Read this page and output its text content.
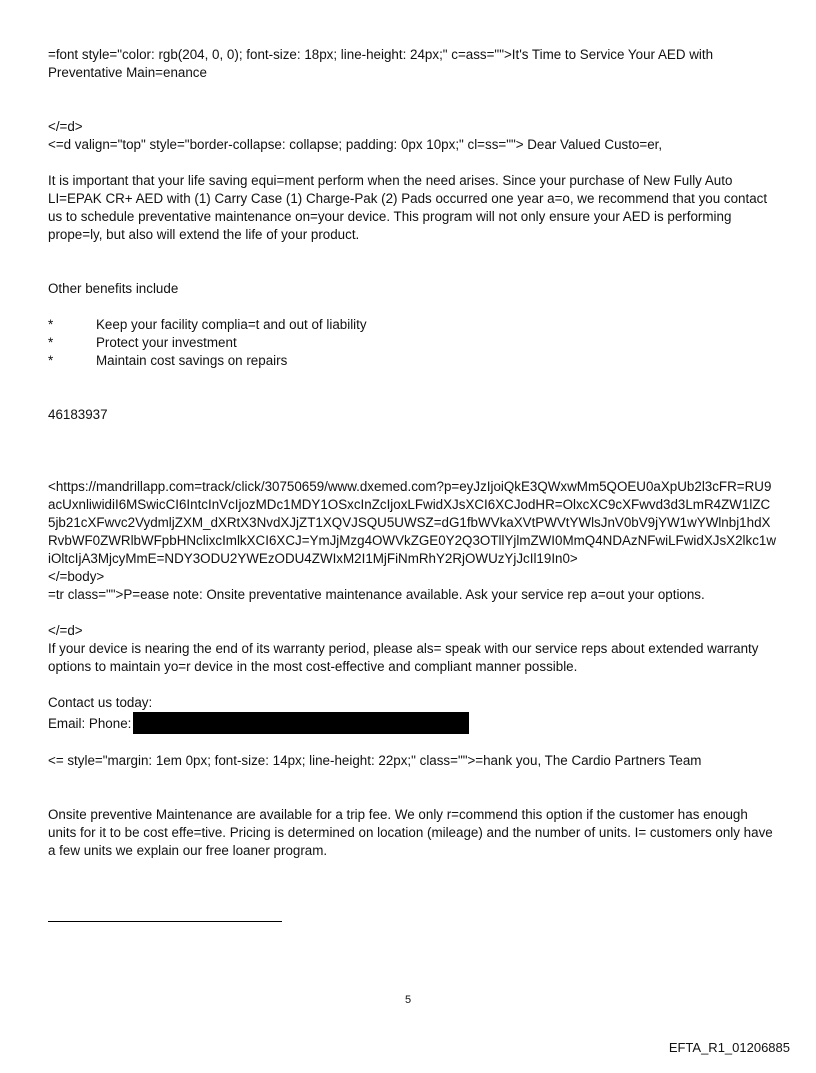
=font style="color: rgb(204, 0, 0); font-size: 18px; line-height: 24px;" c=ass="">It's Time to Service Your AED with Preventative Main=enance

</=d>

<=d valign="top" style="border-collapse: collapse; padding: 0px 10px;" cl=ss=""> Dear Valued Custo=er,

It is important that your life saving equi=ment perform when the need arises. Since your purchase of New Fully Auto LI=EPAK CR+ AED with (1) Carry Case (1) Charge-Pak (2) Pads occurred one year a=o, we recommend that you contact us to schedule preventative maintenance on=your device. This program will not only ensure your AED is performing prope=ly, but also will extend the life of your product.

Other benefits include

*	Keep your facility complia=t and out of liability
*	Protect your investment
*	Maintain cost savings on repairs

46183937

<https://mandrillapp.com=track/click/30750659/www.dxemed.com?p=eyJzIjoiQkE3QWxwMm5QOEU0aXpUb2l3cFR=RU9acUxnliwidiI6MSwicCI6IntcInVcIjozMDc1MDY1OSxcInZcIjoxLFwidXJsXCI6XCJodHR=OlxcXC9cXFwvd3d3LmR4ZW1lZC5jb21cXFwvc2VydmljZXM_dXRtX3NvdXJjZT1XQVJSQU5UWSZ=dG1fbWVkaXVtPWVtYWlsJnV0bV9jYW1wYWlnbj1hdXRvbWF0ZWRlbWFpbHNclixcImlkXCI6XCJ=YmJjMzg4OWVkZGE0Y2Q3OTllYjlmZWI0MmQ4NDAzNFwiLFwidXJsX2lkc1wiOltcIjA3MjcyMmE=NDY3ODU2YWEzODU4ZWIxM2I1MjFiNmRhY2RjOWUzYjJcIl19In0>

</=body>

=tr class="">P=ease note: Onsite preventative maintenance available. Ask your service rep a=out your options.

</=d>

If your device is nearing the end of its warranty period, please als= speak with our service reps about extended warranty options to maintain yo=r device in the most cost-effective and compliant manner possible.

Contact us today:

Email: Phone:

<= style="margin: 1em 0px; font-size: 14px; line-height: 22px;" class="">=hank you, The Cardio Partners Team

Onsite preventive Maintenance are available for a trip fee. We only r=commend this option if the customer has enough units for it to be cost effe=tive. Pricing is determined on location (mileage) and the number of units. I= customers only have a few units we explain our free loaner program.

5
EFTA_R1_01206885
